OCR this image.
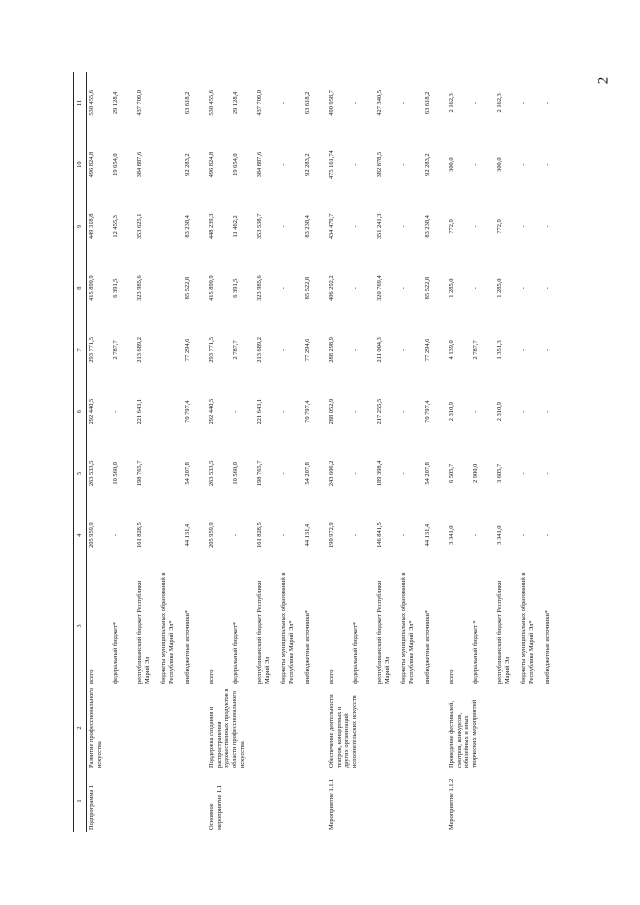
2
1	2	3	4	5	6	7	8	9	10	11
Подпрограмма 1	Развитие профессионального искусства	всего	205 959,9	263 533,5	292 440,5	293 771,5	415 899,9	449 318,8	496 824,8	530 455,6
		федеральный бюджет*	-	10 560,0	-	2 787,7	6 391,5	12 455,3	19 654,0	29 128,4
		республиканский бюджет Республики Марий Эл	161 828,5	198 765,7	221 643,1	213 689,2	323 985,6	353 625,1	384 887,6	437 709,0
		бюджеты муниципальных образований в Республике Марий Эл*								
		внебюджетные источники*	44 131,4	54 207,8	70 797,4	77 294,6	85 522,8	83 238,4	92 283,2	63 618,2
Основное мероприятие 1.1	Поддержка создания и распространения художественных продуктов в области профессионального искусства	всего	205 959,9	263 533,5	292 440,5	293 771,5	415 899,9	448 239,3	496 824,8	530 455,6
		федеральный бюджет*	-	10 560,0	-	2 787,7	6 391,5	11 462,2	19 654,0	29 128,4
		республиканский бюджет Республики Марий Эл	161 828,5	198 765,7	221 643,1	213 689,2	323 985,6	353 538,7	384 887,6	437 709,0
		бюджеты муниципальных образований в Республике Марий Эл*	-	-	-	-	-	-	-	-
		внебюджетные источники*	44 131,4	54 207,8	70 797,4	77 294,6	85 522,8	83 238,4	92 283,2	63 618,2
Мероприятие 1.1.1	Обеспечение деятельности театров, концертных и других организаций исполнительских искусств	всего	190 972,9	243 606,2	288 052,9	288 298,9	406 292,2	434 479,7	475 161,74	490 958,7
		федеральный бюджет*	-	-	-	-	-	-	-	-
		республиканский бюджет Республики Марий Эл	146 841,5	189 398,4	217 255,5	211 004,3	320 769,4	351 241,3	382 878,5	427 340,5
		бюджеты муниципальных образований в Республике Марий Эл*	-	-	-	-	-	-	-	-
		внебюджетные источники*	44 131,4	54 207,8	70 797,4	77 294,6	85 522,8	83 238,4	92 283,2	63 618,2
Мероприятие 1.1.2	Проведение фестивалей, смотров, конкурсов, юбилейных и иных творческих мероприятий	всего	3 341,0	6 505,7	2 310,9	4 139,0	1 285,0	772,9	300,0	2 162,3
		федеральный бюджет *	-	2 900,0	-	2 787,7	-	-	-	-
		республиканский бюджет Республики Марий Эл	3 341,0	3 605,7	2 310,9	1 351,3	1 285,0	772,9	300,0	2 162,3
		бюджеты муниципальных образований в Республике Марий Эл*	-	-	-	-	-	-	-	-
		внебюджетные источники*	-	-	-	-	-	-	-	-
